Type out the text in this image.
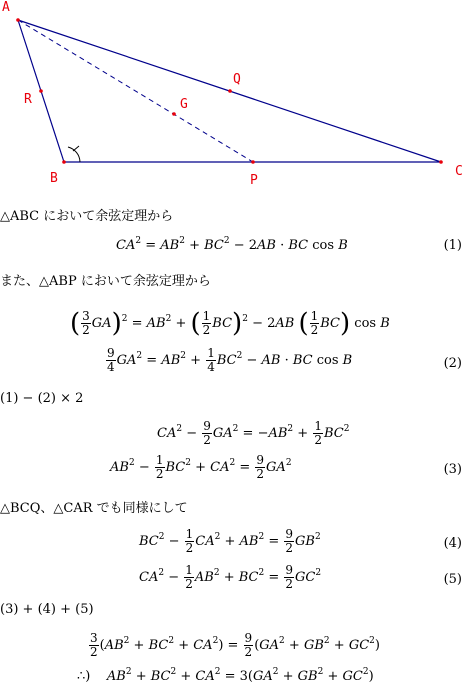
A
B	C
P
Q
R	G
△ABC において余弦定理から
$CA^2 = AB^2 + BC^2 - 2AB$ · BC cos B	(1)
また、△ABP において余弦定理から
( $\frac{3}{2} GA)^2 = AB^2$ + ( $\frac{1}{2} BC)^2 - 2AB$ ( $\frac{1}{2} BC$) cos B
$\frac{9}{4} GA^2 = AB^2 + \frac{1}{4} BC^2$ − AB · BC cos B	(2)
(1) − (2) × 2
$CA^2 - \frac{9}{2} GA^2 = -AB^2 + \frac{1}{2} BC^2$
$AB^2 - \frac{1}{2} BC^2 + CA^2 = \frac{9}{2} GA^2$	(3)
△BCQ、△CAR でも同様にして
$BC^2 - \frac{1}{2} CA^2 + AB^2 = \frac{9}{2} GB^2$	(4)
$CA^2 - \frac{1}{2} AB^2 + BC^2 = \frac{9}{2} GC^2$	(5)
(3) + (4) + (5)
$\frac{3}{2} (AB^2 + BC^2 + CA^2) = \frac{9}{2} (GA^2 + GB^2 + GC^2)$
∴)    $AB^2 + BC^2 + CA^2 = 3(GA^2 + GB^2 + GC^2)$
